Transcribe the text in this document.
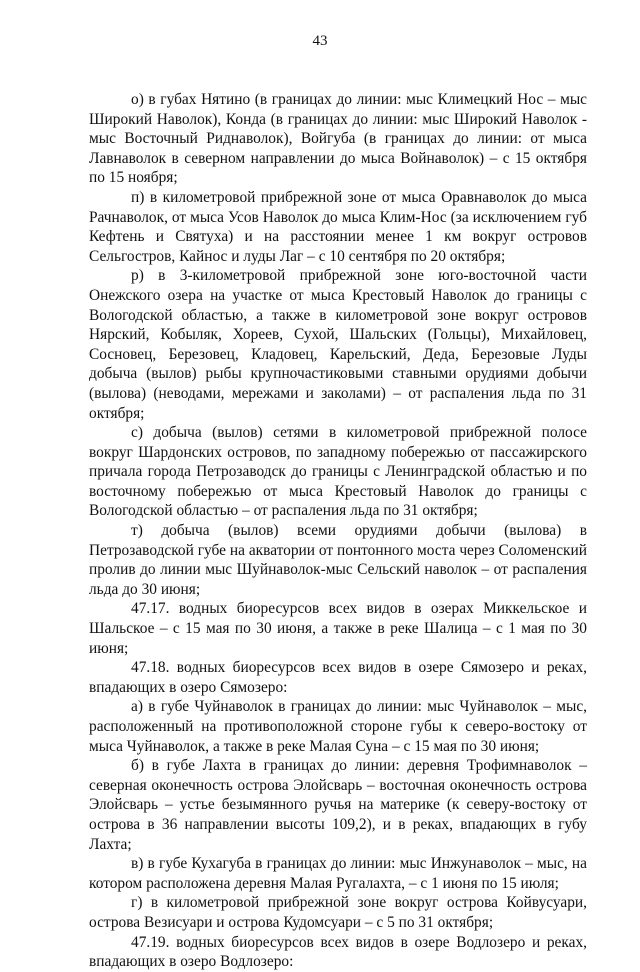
43

о) в губах Нятино (в границах до линии: мыс Климецкий Нос – мыс Широкий Наволок), Конда (в границах до линии: мыс Широкий Наволок - мыс Восточный Риднаволок), Войгуба (в границах до линии: от мыса Лавнаволок в северном направлении до мыса Войнаволок) – с 15 октября по 15 ноября;

п) в километровой прибрежной зоне от мыса Оравнаволок до мыса Рачнаволок, от мыса Усов Наволок до мыса Клим-Нос (за исключением губ Кефтень и Святуха) и на расстоянии менее 1 км вокруг островов Сельгостров, Кайнос и луды Лаг – с 10 сентября по 20 октября;

р) в 3-километровой прибрежной зоне юго-восточной части Онежского озера на участке от мыса Крестовый Наволок до границы с Вологодской областью, а также в километровой зоне вокруг островов Нярский, Кобыляк, Хореев, Сухой, Шальских (Гольцы), Михайловец, Сосновец, Березовец, Кладовец, Карельский, Деда, Березовые Луды добыча (вылов) рыбы крупночастиковыми ставными орудиями добычи (вылова) (неводами, мережами и заколами) – от распаления льда по 31 октября;

с) добыча (вылов) сетями в километровой прибрежной полосе вокруг Шардонских островов, по западному побережью от пассажирского причала города Петрозаводск до границы с Ленинградской областью и по восточному побережью от мыса Крестовый Наволок до границы с Вологодской областью – от распаления льда по 31 октября;

т) добыча (вылов) всеми орудиями добычи (вылова) в Петрозаводской губе на акватории от понтонного моста через Соломенский пролив до линии мыс Шуйнаволок-мыс Сельский наволок – от распаления льда до 30 июня;

47.17. водных биоресурсов всех видов в озерах Миккельское и Шальское – с 15 мая по 30 июня, а также в реке Шалица – с 1 мая по 30 июня;

47.18. водных биоресурсов всех видов в озере Сямозеро и реках, впадающих в озеро Сямозеро:

а) в губе Чуйнаволок в границах до линии: мыс Чуйнаволок – мыс, расположенный на противоположной стороне губы к северо-востоку от мыса Чуйнаволок, а также в реке Малая Суна – с 15 мая по 30 июня;

б) в губе Лахта в границах до линии: деревня Трофимнаволок – северная оконечность острова Элойсварь – восточная оконечность острова Элойсварь – устье безымянного ручья на материке (к северу-востоку от острова в 36 направлении высоты 109,2), и в реках, впадающих в губу Лахта;

в) в губе Кухагуба в границах до линии: мыс Инжунаволок – мыс, на котором расположена деревня Малая Ругалахта, – с 1 июня по 15 июля;

г) в километровой прибрежной зоне вокруг острова Койвусуари, острова Везисуари и острова Кудомсуари – с 5 по 31 октября;

47.19. водных биоресурсов всех видов в озере Водлозеро и реках, впадающих в озеро Водлозеро:
